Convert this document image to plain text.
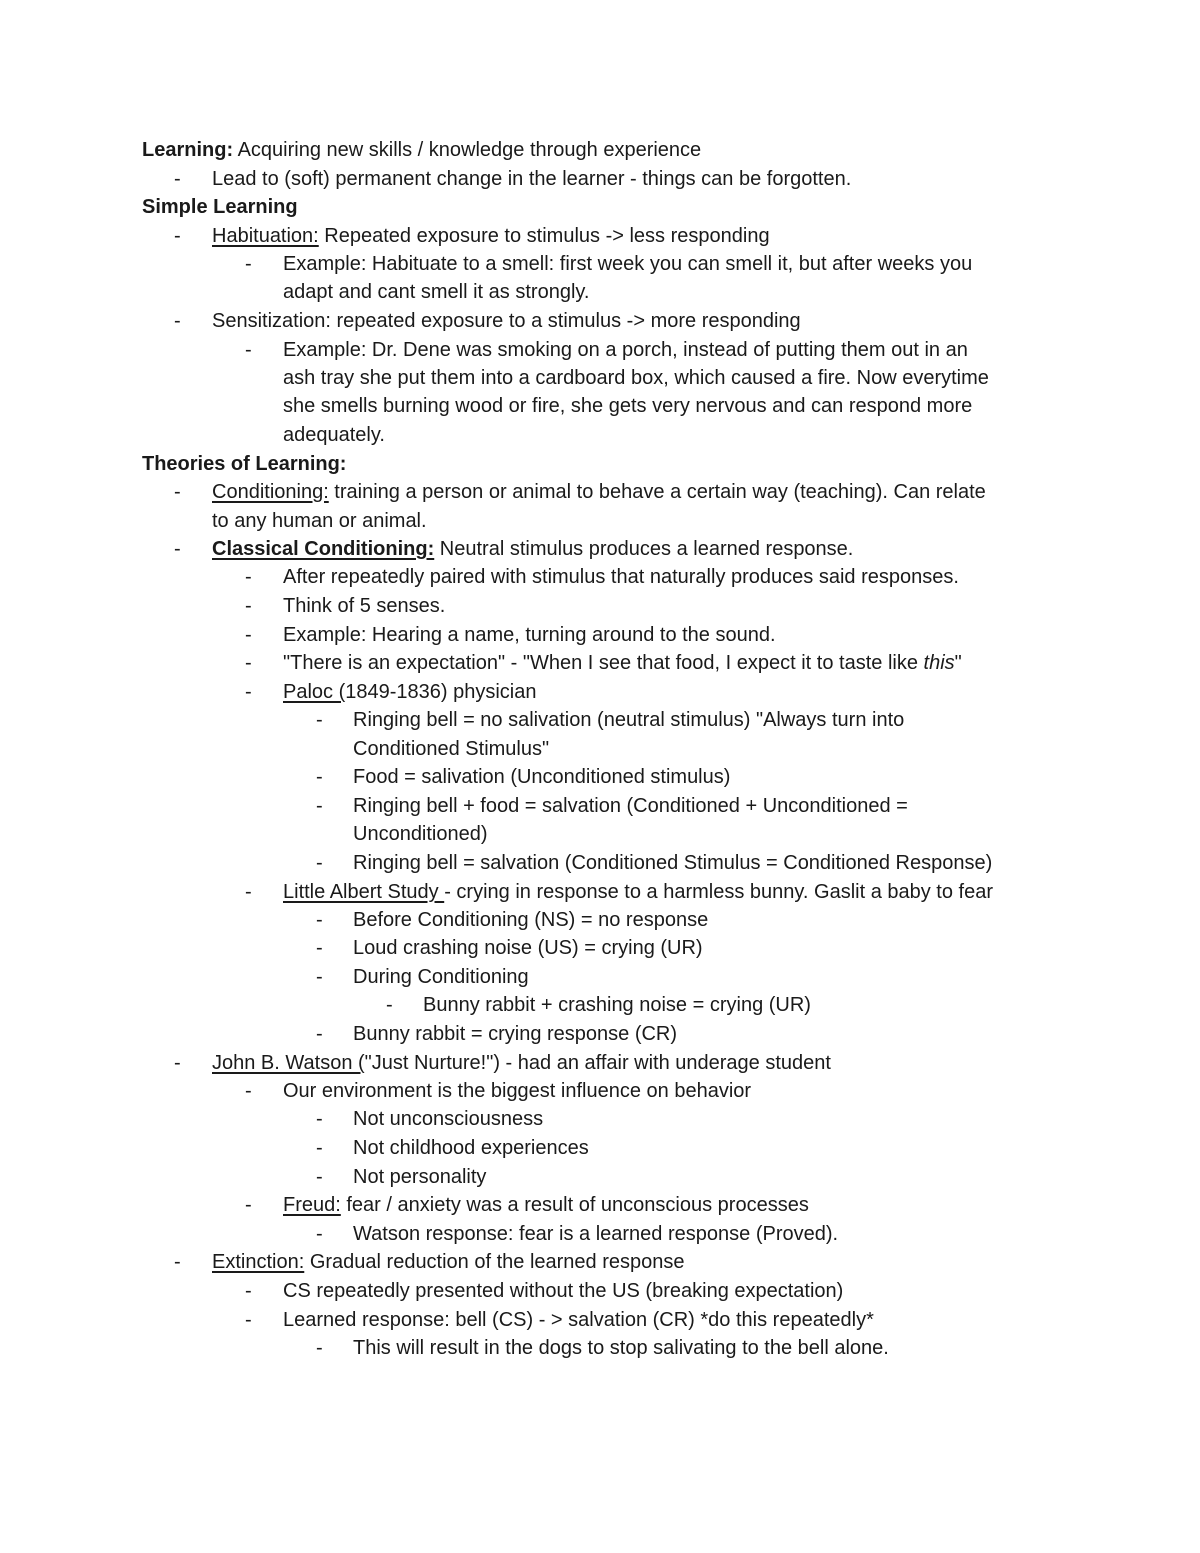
Learning: Acquiring new skills / knowledge through experience
- Lead to (soft) permanent change in the learner - things can be forgotten.
Simple Learning
- Habituation: Repeated exposure to stimulus -> less responding
- Example: Habituate to a smell: first week you can smell it, but after weeks you
adapt and cant smell it as strongly.
- Sensitization: repeated exposure to a stimulus -> more responding
- Example: Dr. Dene was smoking on a porch, instead of putting them out in an
ash tray she put them into a cardboard box, which caused a fire. Now everytime
she smells burning wood or fire, she gets very nervous and can respond more
adequately.
Theories of Learning:
- Conditioning: training a person or animal to behave a certain way (teaching). Can relate
to any human or animal.
- Classical Conditioning: Neutral stimulus produces a learned response.
- After repeatedly paired with stimulus that naturally produces said responses.
- Think of 5 senses.
- Example: Hearing a name, turning around to the sound.
- "There is an expectation" - "When I see that food, I expect it to taste like this"
- Paloc (1849-1836) physician
- Ringing bell = no salivation (neutral stimulus) "Always turn into
Conditioned Stimulus"
- Food = salivation (Unconditioned stimulus)
- Ringing bell + food = salvation (Conditioned + Unconditioned =
Unconditioned)
- Ringing bell = salvation (Conditioned Stimulus = Conditioned Response)
- Little Albert Study - crying in response to a harmless bunny. Gaslit a baby to fear
- Before Conditioning (NS) = no response
- Loud crashing noise (US) = crying (UR)
- During Conditioning
- Bunny rabbit + crashing noise = crying (UR)
- Bunny rabbit = crying response (CR)
- John B. Watson ("Just Nurture!") - had an affair with underage student
- Our environment is the biggest influence on behavior
- Not unconsciousness
- Not childhood experiences
- Not personality
- Freud: fear / anxiety was a result of unconscious processes
- Watson response: fear is a learned response (Proved).
- Extinction: Gradual reduction of the learned response
- CS repeatedly presented without the US (breaking expectation)
- Learned response: bell (CS) - > salvation (CR) *do this repeatedly*
- This will result in the dogs to stop salivating to the bell alone.
